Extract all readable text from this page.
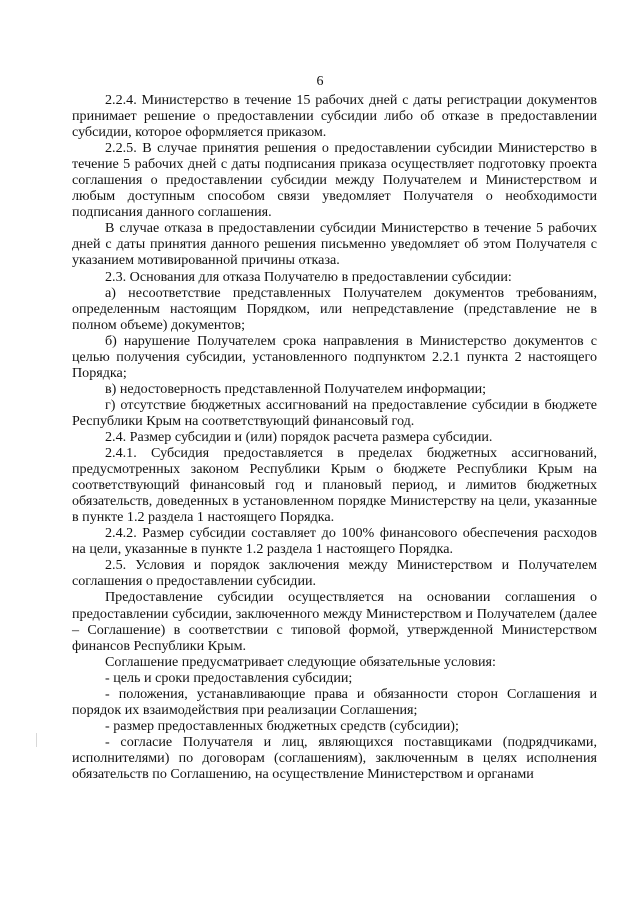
6

2.2.4. Министерство в течение 15 рабочих дней с даты регистрации документов принимает решение о предоставлении субсидии либо об отказе в предоставлении субсидии, которое оформляется приказом.

2.2.5. В случае принятия решения о предоставлении субсидии Министерство в течение 5 рабочих дней с даты подписания приказа осуществляет подготовку проекта соглашения о предоставлении субсидии между Получателем и Министерством и любым доступным способом связи уведомляет Получателя о необходимости подписания данного соглашения.

В случае отказа в предоставлении субсидии Министерство в течение 5 рабочих дней с даты принятия данного решения письменно уведомляет об этом Получателя с указанием мотивированной причины отказа.

2.3. Основания для отказа Получателю в предоставлении субсидии:

а) несоответствие представленных Получателем документов требованиям, определенным настоящим Порядком, или непредставление (представление не в полном объеме) документов;

б) нарушение Получателем срока направления в Министерство документов с целью получения субсидии, установленного подпунктом 2.2.1 пункта 2 настоящего Порядка;

в) недостоверность представленной Получателем информации;

г) отсутствие бюджетных ассигнований на предоставление субсидии в бюджете Республики Крым на соответствующий финансовый год.

2.4. Размер субсидии и (или) порядок расчета размера субсидии.

2.4.1. Субсидия предоставляется в пределах бюджетных ассигнований, предусмотренных законом Республики Крым о бюджете Республики Крым на соответствующий финансовый год и плановый период, и лимитов бюджетных обязательств, доведенных в установленном порядке Министерству на цели, указанные в пункте 1.2 раздела 1 настоящего Порядка.

2.4.2. Размер субсидии составляет до 100% финансового обеспечения расходов на цели, указанные в пункте 1.2 раздела 1 настоящего Порядка.

2.5. Условия и порядок заключения между Министерством и Получателем соглашения о предоставлении субсидии.

Предоставление субсидии осуществляется на основании соглашения о предоставлении субсидии, заключенного между Министерством и Получателем (далее – Соглашение) в соответствии с типовой формой, утвержденной Министерством финансов Республики Крым.

Соглашение предусматривает следующие обязательные условия:

- цель и сроки предоставления субсидии;

- положения, устанавливающие права и обязанности сторон Соглашения и порядок их взаимодействия при реализации Соглашения;

- размер предоставленных бюджетных средств (субсидии);

- согласие Получателя и лиц, являющихся поставщиками (подрядчиками, исполнителями) по договорам (соглашениям), заключенным в целях исполнения обязательств по Соглашению, на осуществление Министерством и органами
